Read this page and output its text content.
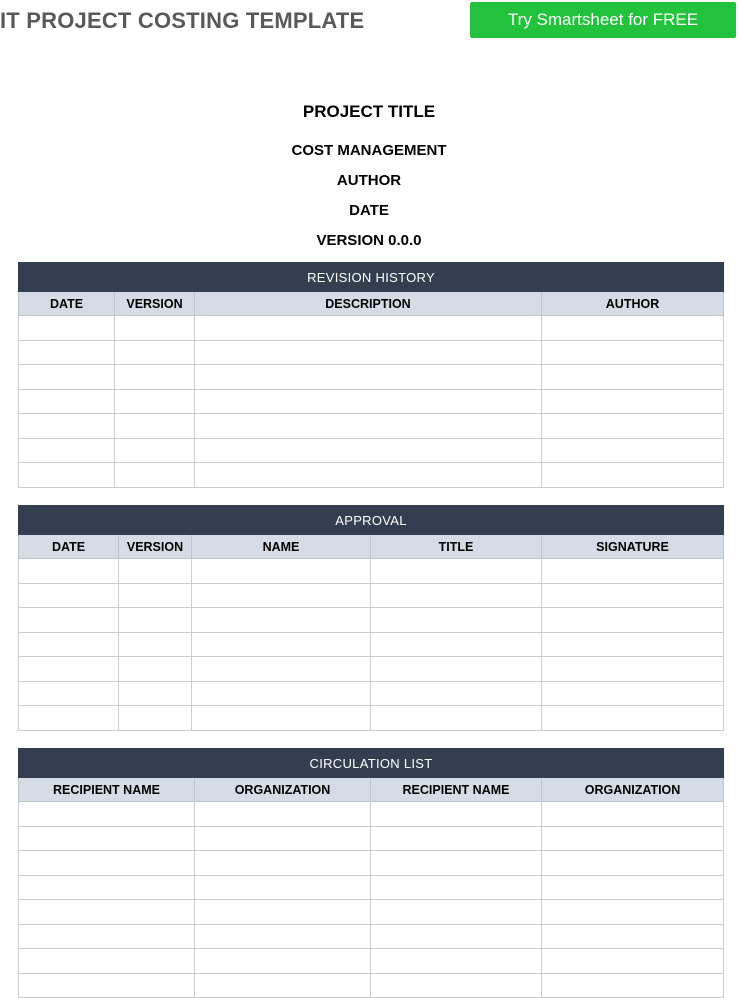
IT PROJECT COSTING TEMPLATE	Try Smartsheet for FREE
PROJECT TITLE
COST MANAGEMENT
AUTHOR
DATE
VERSION 0.0.0
REVISION HISTORY			
DATE	VERSION	DESCRIPTION	AUTHOR

APPROVAL				
DATE	VERSION	NAME	TITLE	SIGNATURE

CIRCULATION LIST			
RECIPIENT NAME	ORGANIZATION	RECIPIENT NAME	ORGANIZATION
